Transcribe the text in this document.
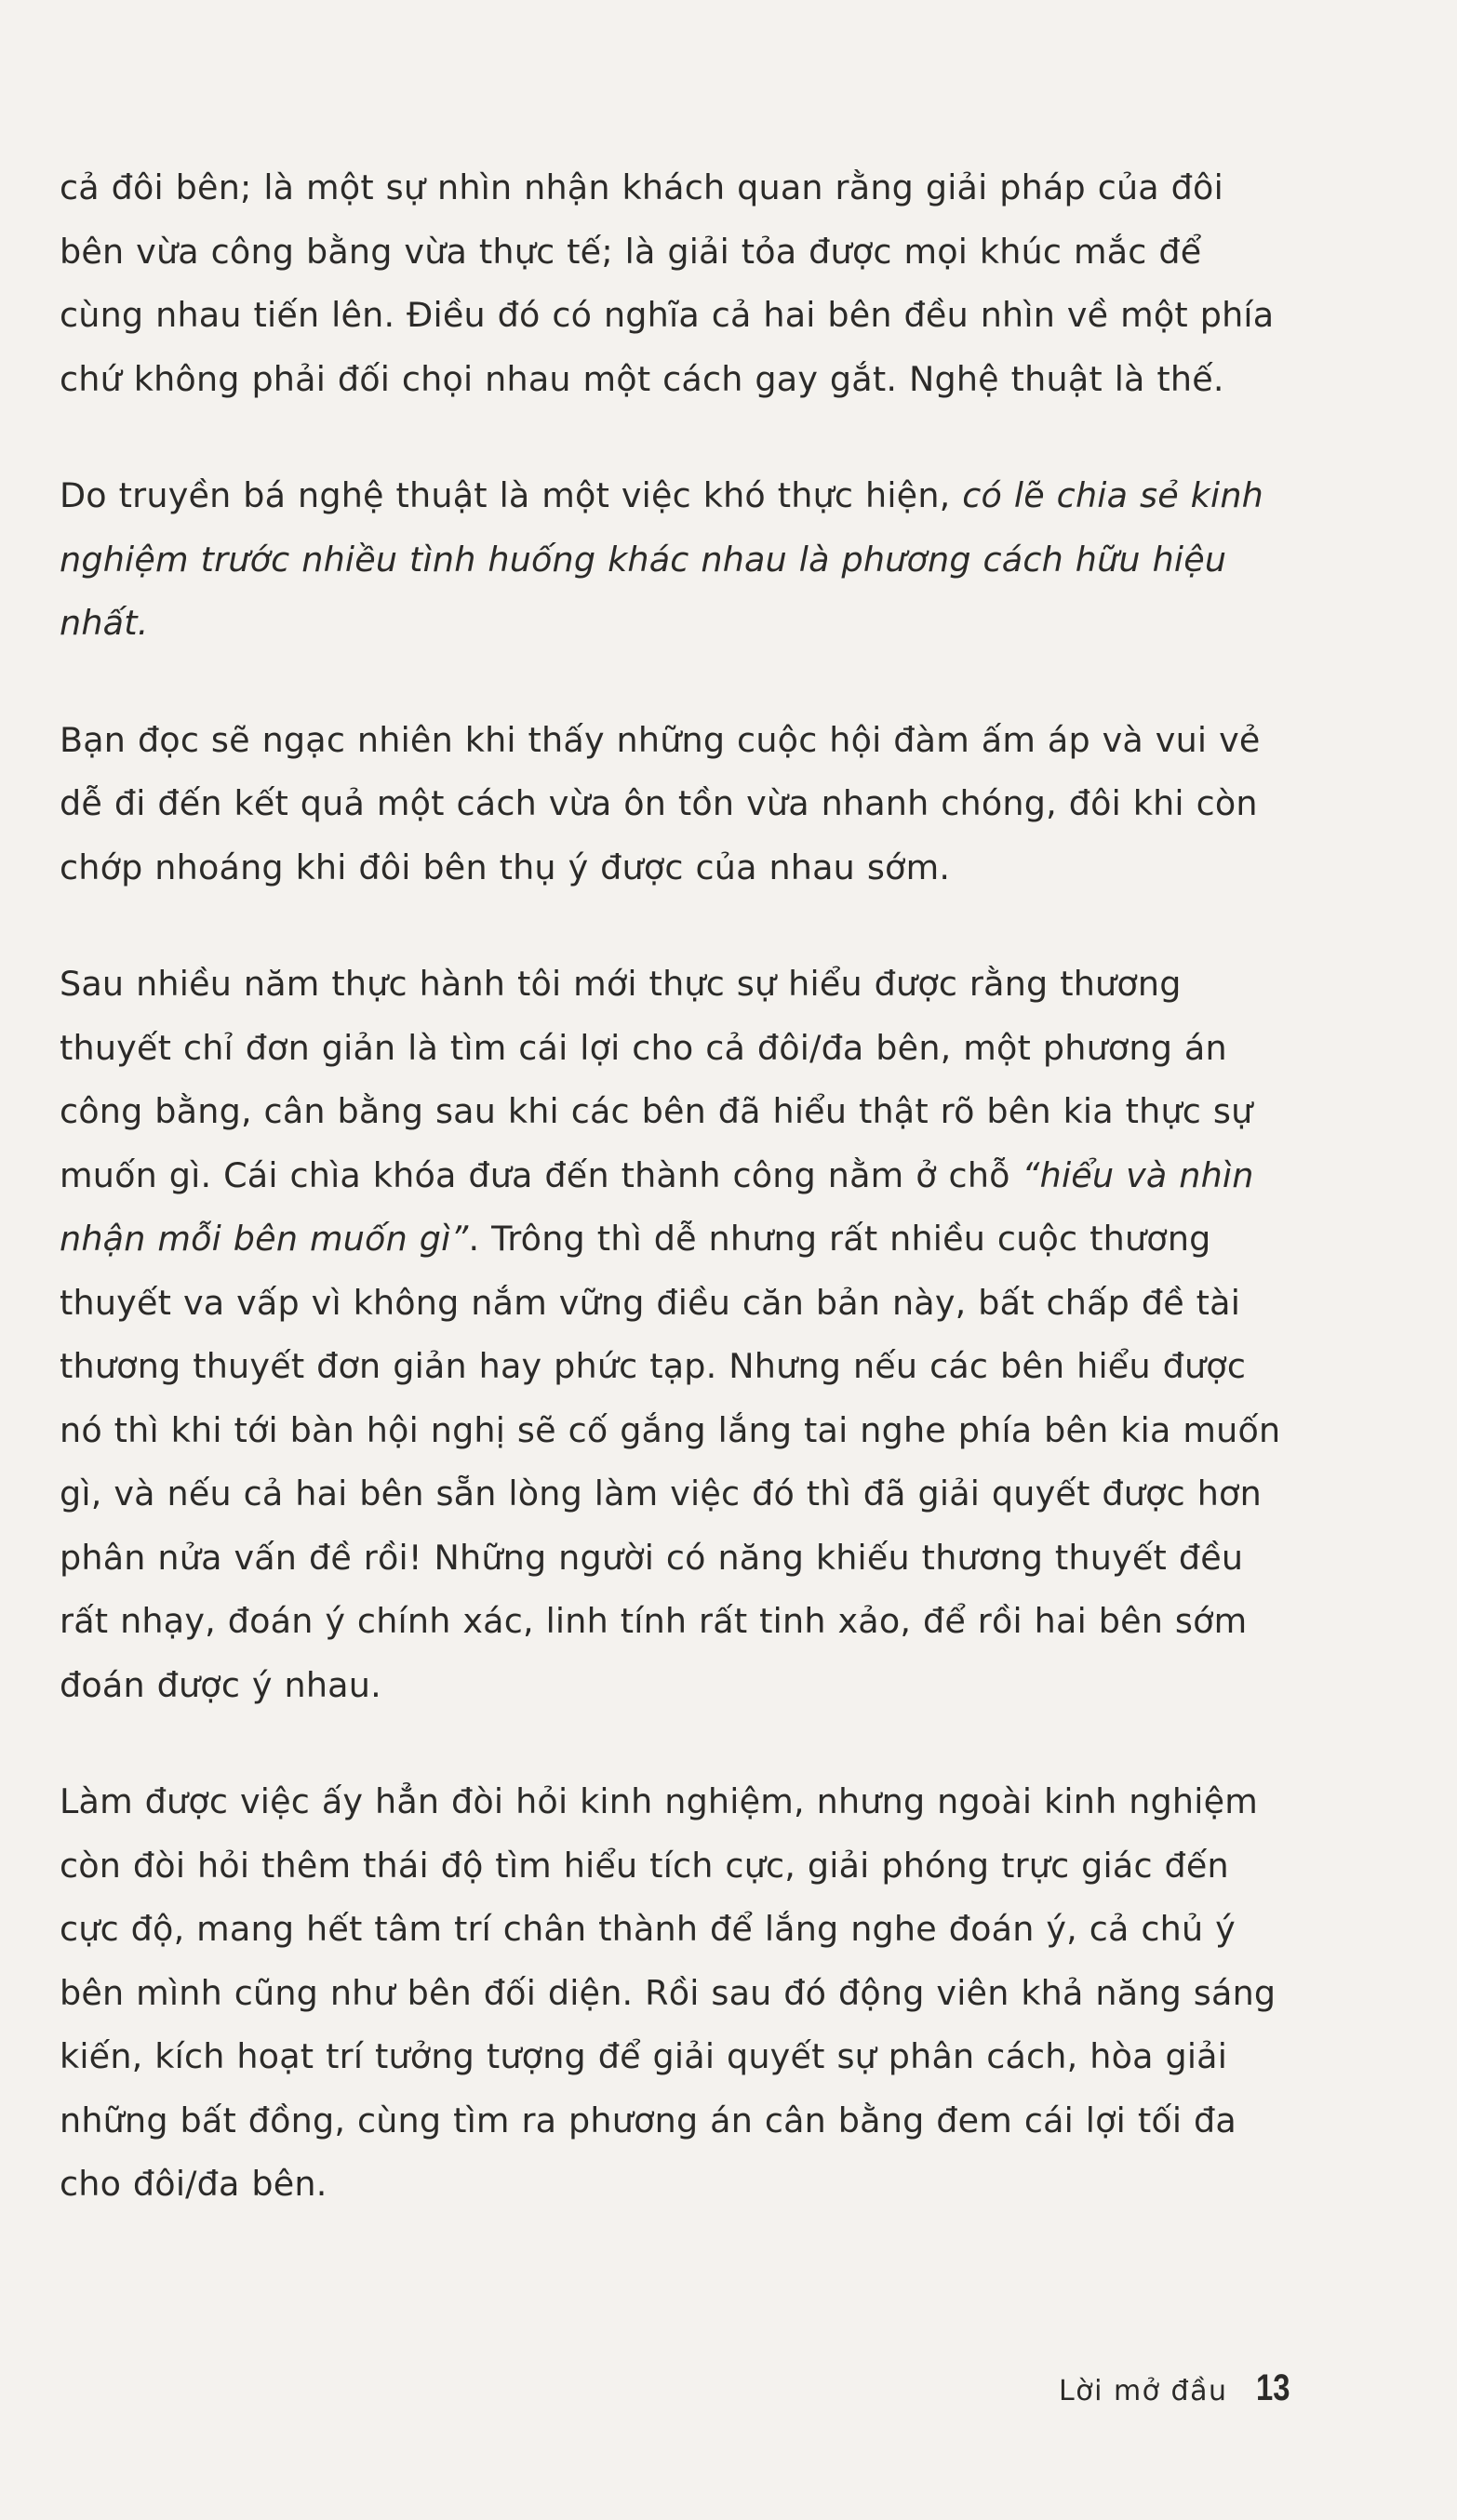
cả đôi bên; là một sự nhìn nhận khách quan rằng giải pháp của đôi bên vừa công bằng vừa thực tế; là giải tỏa được mọi khúc mắc để cùng nhau tiến lên. Điều đó có nghĩa cả hai bên đều nhìn về một phía chứ không phải đối chọi nhau một cách gay gắt. Nghệ thuật là thế.

Do truyền bá nghệ thuật là một việc khó thực hiện, có lẽ chia sẻ kinh nghiệm trước nhiều tình huống khác nhau là phương cách hữu hiệu nhất.

Bạn đọc sẽ ngạc nhiên khi thấy những cuộc hội đàm ấm áp và vui vẻ dễ đi đến kết quả một cách vừa ôn tồn vừa nhanh chóng, đôi khi còn chớp nhoáng khi đôi bên thụ ý được của nhau sớm.

Sau nhiều năm thực hành tôi mới thực sự hiểu được rằng thương thuyết chỉ đơn giản là tìm cái lợi cho cả đôi/đa bên, một phương án công bằng, cân bằng sau khi các bên đã hiểu thật rõ bên kia thực sự muốn gì. Cái chìa khóa đưa đến thành công nằm ở chỗ “hiểu và nhìn nhận mỗi bên muốn gì”. Trông thì dễ nhưng rất nhiều cuộc thương thuyết va vấp vì không nắm vững điều căn bản này, bất chấp đề tài thương thuyết đơn giản hay phức tạp. Nhưng nếu các bên hiểu được nó thì khi tới bàn hội nghị sẽ cố gắng lắng tai nghe phía bên kia muốn gì, và nếu cả hai bên sẵn lòng làm việc đó thì đã giải quyết được hơn phân nửa vấn đề rồi! Những người có năng khiếu thương thuyết đều rất nhạy, đoán ý chính xác, linh tính rất tinh xảo, để rồi hai bên sớm đoán được ý nhau.

Làm được việc ấy hẳn đòi hỏi kinh nghiệm, nhưng ngoài kinh nghiệm còn đòi hỏi thêm thái độ tìm hiểu tích cực, giải phóng trực giác đến cực độ, mang hết tâm trí chân thành để lắng nghe đoán ý, cả chủ ý bên mình cũng như bên đối diện. Rồi sau đó động viên khả năng sáng kiến, kích hoạt trí tưởng tượng để giải quyết sự phân cách, hòa giải những bất đồng, cùng tìm ra phương án cân bằng đem cái lợi tối đa cho đôi/đa bên.

Lời mở đầu 13
